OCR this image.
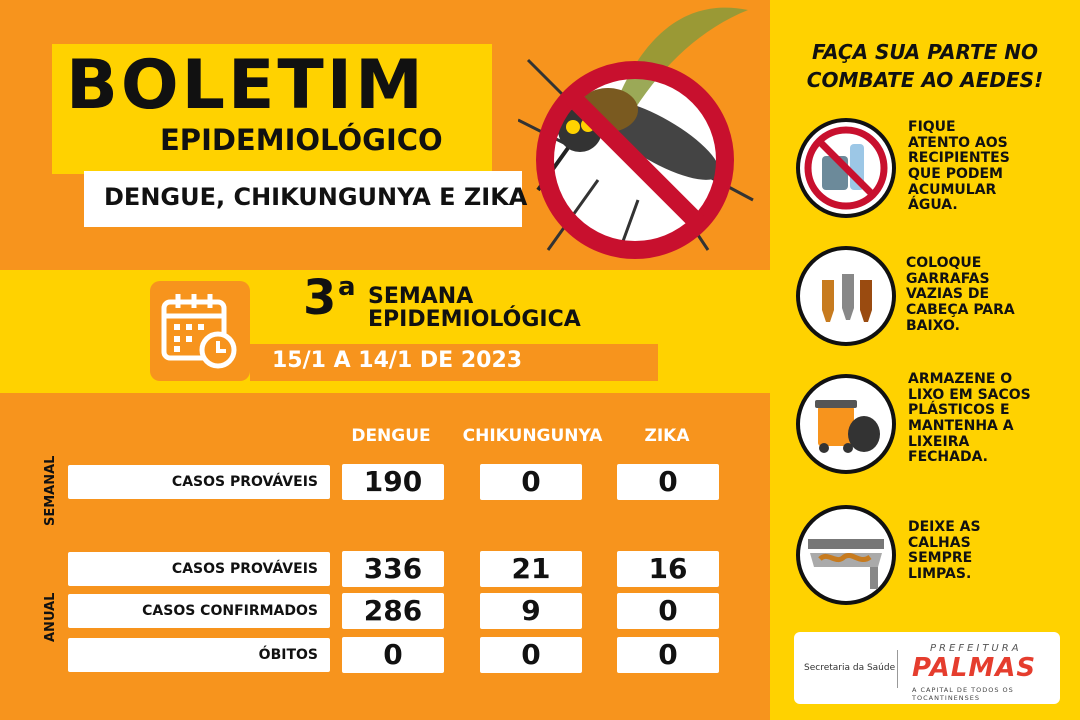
BOLETIM
EPIDEMIOLÓGICO
DENGUE, CHIKUNGUNYA E ZIKA
3 a SEMANA
EPIDEMIOLÓGICA
15/1 A 14/1 DE 2023
DENGUE	CHIKUNGUNYA	ZIKA
SEMANAL	CASOS PROVÁVEIS	190	0	0
ANUAL
CASOS PROVÁVEIS	336	21	16
CASOS CONFIRMADOS	286	9	0
ÓBITOS	0	0	0
FAÇA SUA PARTE NO
COMBATE AO AEDES!
FIQUE
ATENTO AOS
RECIPIENTES
QUE PODEM
ACUMULAR
ÁGUA.
COLOQUE
GARRAFAS
VAZIAS DE
CABEÇA PARA
BAIXO.
ARMAZENE O
LIXO EM SACOS
PLÁSTICOS E
MANTENHA A
LIXEIRA
FECHADA.
DEIXE AS
CALHAS
SEMPRE
LIMPAS.
Secretaria da Saúde
PREFEITURA
PALMAS
A CAPITAL DE TODOS OS TOCANTINENSES
